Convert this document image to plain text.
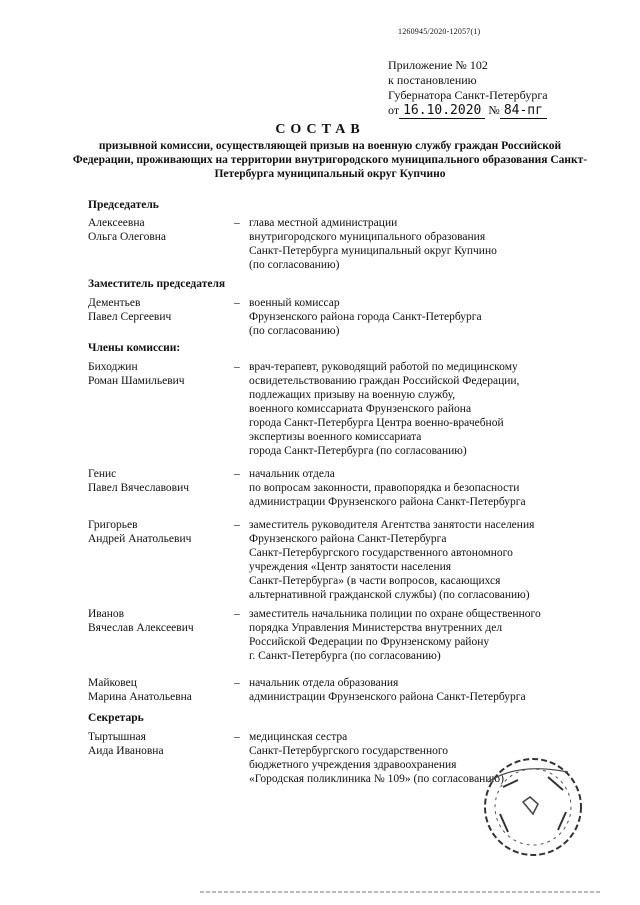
1260945/2020-12057(1)
Приложение № 102
к постановлению
Губернатора Санкт-Петербурга
от 16.10.2020 № 84-пг
СОСТАВ
призывной комиссии, осуществляющей призыв на военную службу граждан Российской Федерации, проживающих на территории внутригородского муниципального образования Санкт-Петербурга муниципальный округ Купчино
Председатель
Алексеевна
Ольга Олеговна
– глава местной администрации
внутригородского муниципального образования
Санкт-Петербурга муниципальный округ Купчино
(по согласованию)
Заместитель председателя
Дементьев
Павел Сергеевич
– военный комиссар
Фрунзенского района города Санкт-Петербурга
(по согласованию)
Члены комиссии:
Биходжин
Роман Шамильевич
– врач-терапевт, руководящий работой по медицинскому
освидетельствованию граждан Российской Федерации,
подлежащих призыву на военную службу,
военного комиссариата Фрунзенского района
города Санкт-Петербурга Центра военно-врачебной
экспертизы военного комиссариата
города Санкт-Петербурга (по согласованию)
Генис
Павел Вячеславович
– начальник отдела
по вопросам законности, правопорядка и безопасности
администрации Фрунзенского района Санкт-Петербурга
Григорьев
Андрей Анатольевич
– заместитель руководителя Агентства занятости населения
Фрунзенского района Санкт-Петербурга
Санкт-Петербургского государственного автономного
учреждения «Центр занятости населения
Санкт-Петербурга» (в части вопросов, касающихся
альтернативной гражданской службы) (по согласованию)
Иванов
Вячеслав Алексеевич
– заместитель начальника полиции по охране общественного
порядка Управления Министерства внутренних дел
Российской Федерации по Фрунзенскому району
г. Санкт-Петербурга (по согласованию)
Майковец
Марина Анатольевна
– начальник отдела образования
администрации Фрунзенского района Санкт-Петербурга
Секретарь
Тыртышная
Аида Ивановна
– медицинская сестра
Санкт-Петербургского государственного
бюджетного учреждения здравоохранения
«Городская поликлиника № 109» (по согласованию)
